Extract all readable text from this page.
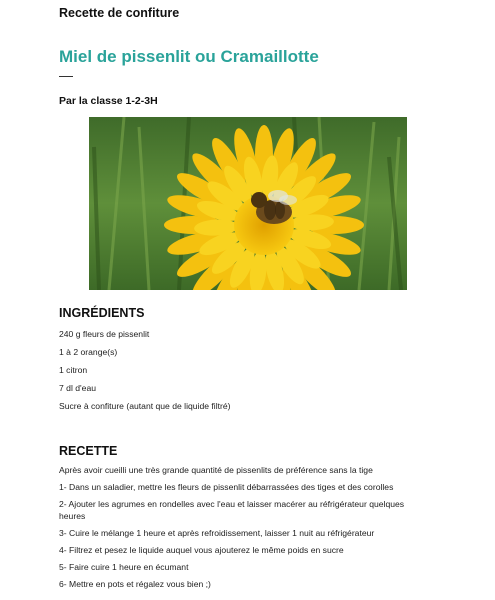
Recette de confiture
Miel de pissenlit ou Cramaillotte
Par la classe 1-2-3H
INGRÉDIENTS
240 g fleurs de pissenlit
1 à 2 orange(s)
1 citron
7 dl d'eau
Sucre à confiture (autant que de liquide filtré)
RECETTE
Après avoir cueilli une très grande quantité de pissenlits de préférence sans la tige
1- Dans un saladier, mettre les fleurs de pissenlit débarrassées des tiges et des corolles
2- Ajouter les agrumes en rondelles avec l'eau et laisser macérer au réfrigérateur quelques heures
3- Cuire le mélange 1 heure et après refroidissement, laisser 1 nuit au réfrigérateur
4- Filtrez et pesez le liquide auquel vous ajouterez le même poids en sucre
5- Faire cuire 1 heure en écumant
6- Mettre en pots et régalez vous bien ;)
